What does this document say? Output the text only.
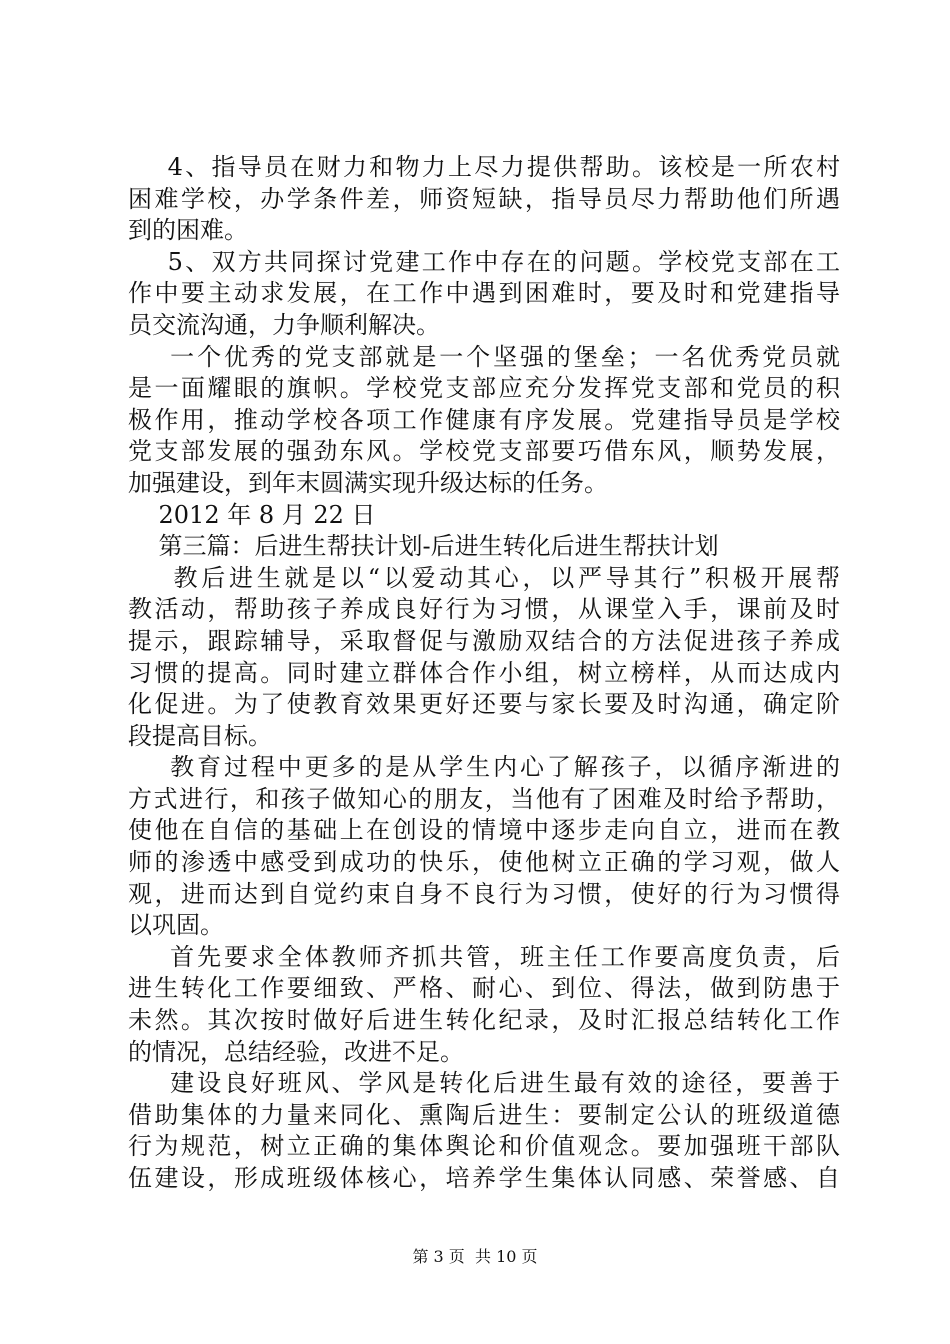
4、指导员在财力和物力上尽力提供帮助。该校是一所农村
困难学校，办学条件差，师资短缺，指导员尽力帮助他们所遇
到的困难。
5、双方共同探讨党建工作中存在的问题。学校党支部在工
作中要主动求发展，在工作中遇到困难时，要及时和党建指导
员交流沟通，力争顺利解决。
一个优秀的党支部就是一个坚强的堡垒；一名优秀党员就
是一面耀眼的旗帜。学校党支部应充分发挥党支部和党员的积
极作用，推动学校各项工作健康有序发展。党建指导员是学校
党支部发展的强劲东风。学校党支部要巧借东风，顺势发展，
加强建设，到年末圆满实现升级达标的任务。
2012 年 8 月 22 日
第三篇：后进生帮扶计划-后进生转化后进生帮扶计划
教后进生就是以“以爱动其心，以严导其行”积极开展帮
教活动，帮助孩子养成良好行为习惯，从课堂入手，课前及时
提示，跟踪辅导，采取督促与激励双结合的方法促进孩子养成
习惯的提高。同时建立群体合作小组，树立榜样，从而达成内
化促进。为了使教育效果更好还要与家长要及时沟通，确定阶
段提高目标。
教育过程中更多的是从学生内心了解孩子，以循序渐进的
方式进行，和孩子做知心的朋友，当他有了困难及时给予帮助，
使他在自信的基础上在创设的情境中逐步走向自立，进而在教
师的渗透中感受到成功的快乐，使他树立正确的学习观，做人
观，进而达到自觉约束自身不良行为习惯，使好的行为习惯得
以巩固。
首先要求全体教师齐抓共管，班主任工作要高度负责，后
进生转化工作要细致、严格、耐心、到位、得法，做到防患于
未然。其次按时做好后进生转化纪录，及时汇报总结转化工作
的情况，总结经验，改进不足。
建设良好班风、学风是转化后进生最有效的途径，要善于
借助集体的力量来同化、熏陶后进生：要制定公认的班级道德
行为规范，树立正确的集体舆论和价值观念。要加强班干部队
伍建设，形成班级体核心，培养学生集体认同感、荣誉感、自
第 3 页 共 10 页
